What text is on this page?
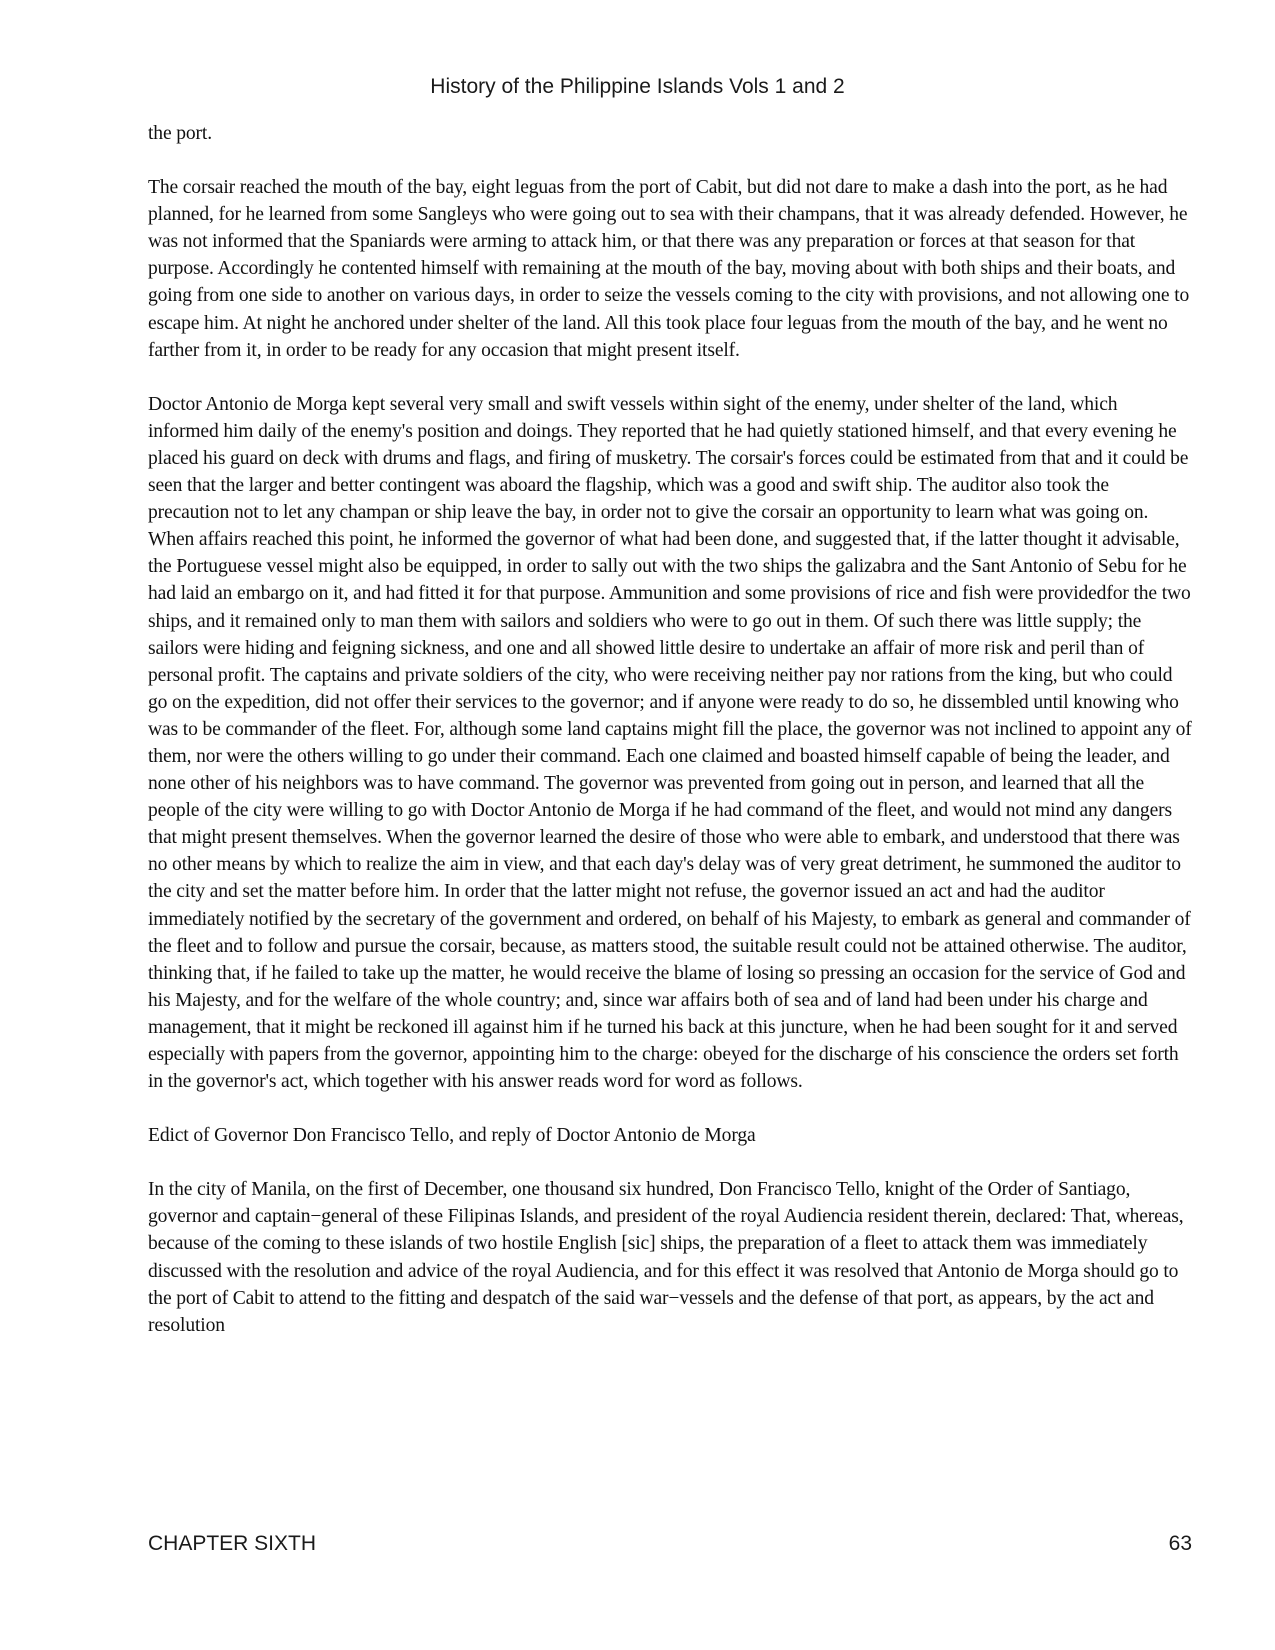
History of the Philippine Islands Vols 1 and 2

the port.

The corsair reached the mouth of the bay, eight leguas from the port of Cabit, but did not dare to make a dash into the port, as he had planned, for he learned from some Sangleys who were going out to sea with their champans, that it was already defended. However, he was not informed that the Spaniards were arming to attack him, or that there was any preparation or forces at that season for that purpose. Accordingly he contented himself with remaining at the mouth of the bay, moving about with both ships and their boats, and going from one side to another on various days, in order to seize the vessels coming to the city with provisions, and not allowing one to escape him. At night he anchored under shelter of the land. All this took place four leguas from the mouth of the bay, and he went no farther from it, in order to be ready for any occasion that might present itself.

Doctor Antonio de Morga kept several very small and swift vessels within sight of the enemy, under shelter of the land, which informed him daily of the enemy's position and doings. They reported that he had quietly stationed himself, and that every evening he placed his guard on deck with drums and flags, and firing of musketry. The corsair's forces could be estimated from that and it could be seen that the larger and better contingent was aboard the flagship, which was a good and swift ship. The auditor also took the precaution not to let any champan or ship leave the bay, in order not to give the corsair an opportunity to learn what was going on. When affairs reached this point, he informed the governor of what had been done, and suggested that, if the latter thought it advisable, the Portuguese vessel might also be equipped, in order to sally out with the two ships the galizabra and the Sant Antonio of Sebu for he had laid an embargo on it, and had fitted it for that purpose. Ammunition and some provisions of rice and fish were providedfor the two ships, and it remained only to man them with sailors and soldiers who were to go out in them. Of such there was little supply; the sailors were hiding and feigning sickness, and one and all showed little desire to undertake an affair of more risk and peril than of personal profit. The captains and private soldiers of the city, who were receiving neither pay nor rations from the king, but who could go on the expedition, did not offer their services to the governor; and if anyone were ready to do so, he dissembled until knowing who was to be commander of the fleet. For, although some land captains might fill the place, the governor was not inclined to appoint any of them, nor were the others willing to go under their command. Each one claimed and boasted himself capable of being the leader, and none other of his neighbors was to have command. The governor was prevented from going out in person, and learned that all the people of the city were willing to go with Doctor Antonio de Morga if he had command of the fleet, and would not mind any dangers that might present themselves. When the governor learned the desire of those who were able to embark, and understood that there was no other means by which to realize the aim in view, and that each day's delay was of very great detriment, he summoned the auditor to the city and set the matter before him. In order that the latter might not refuse, the governor issued an act and had the auditor immediately notified by the secretary of the government and ordered, on behalf of his Majesty, to embark as general and commander of the fleet and to follow and pursue the corsair, because, as matters stood, the suitable result could not be attained otherwise. The auditor, thinking that, if he failed to take up the matter, he would receive the blame of losing so pressing an occasion for the service of God and his Majesty, and for the welfare of the whole country; and, since war affairs both of sea and of land had been under his charge and management, that it might be reckoned ill against him if he turned his back at this juncture, when he had been sought for it and served especially with papers from the governor, appointing him to the charge: obeyed for the discharge of his conscience the orders set forth in the governor's act, which together with his answer reads word for word as follows.

Edict of Governor Don Francisco Tello, and reply of Doctor Antonio de Morga

In the city of Manila, on the first of December, one thousand six hundred, Don Francisco Tello, knight of the Order of Santiago, governor and captain−general of these Filipinas Islands, and president of the royal Audiencia resident therein, declared: That, whereas, because of the coming to these islands of two hostile English [sic] ships, the preparation of a fleet to attack them was immediately discussed with the resolution and advice of the royal Audiencia, and for this effect it was resolved that Antonio de Morga should go to the port of Cabit to attend to the fitting and despatch of the said war−vessels and the defense of that port, as appears, by the act and resolution

CHAPTER SIXTH	63
